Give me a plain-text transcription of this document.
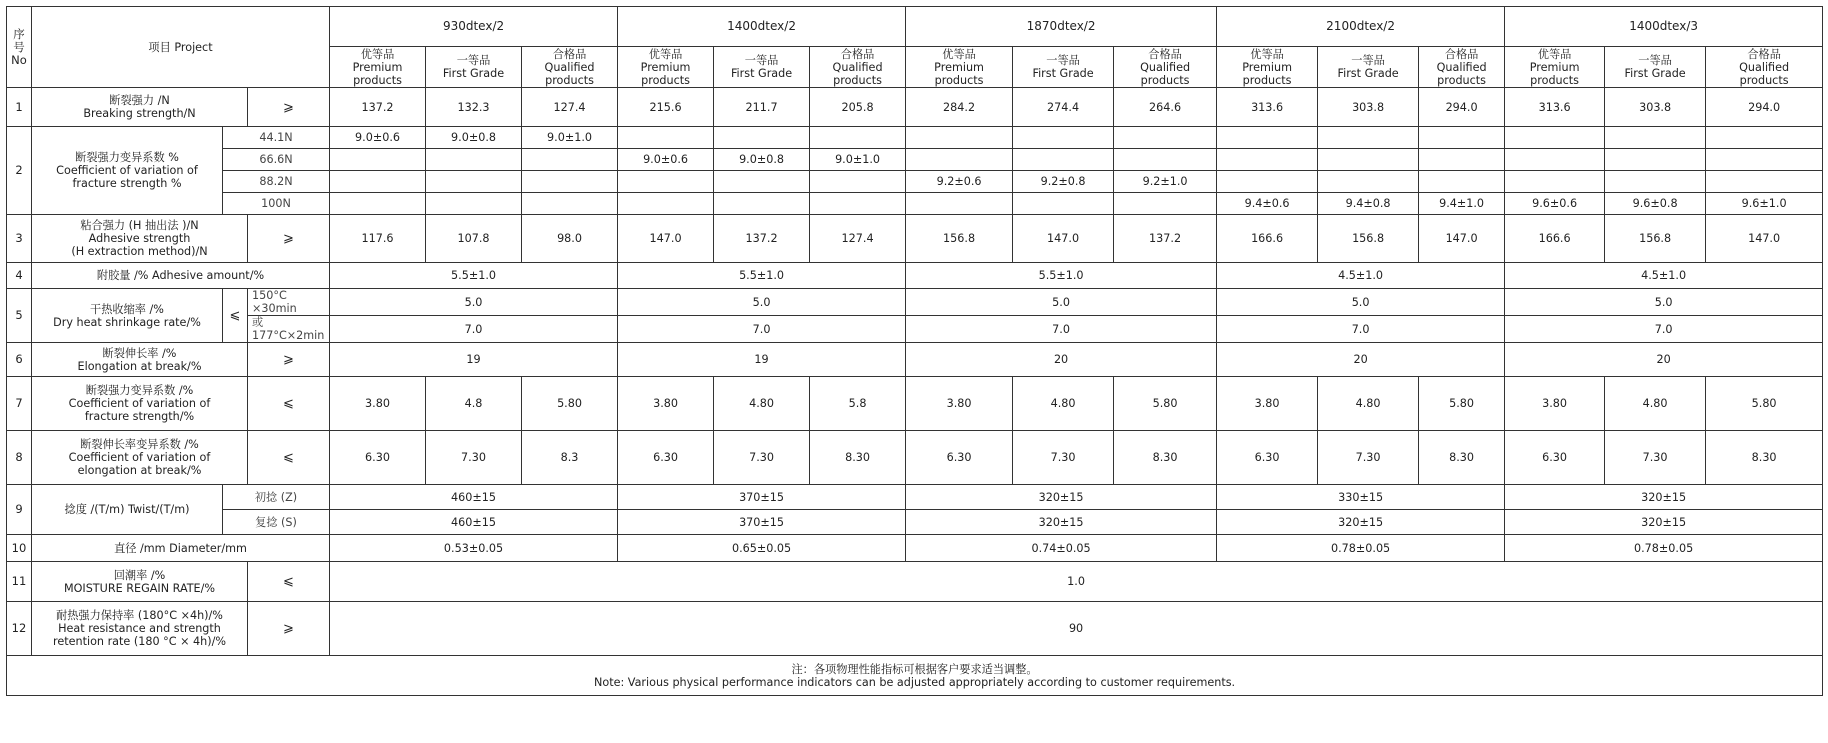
序
号
No	项目 Project			930dtex/2			1400dtex/2			1870dtex/2			2100dtex/2			1400dtex/3		

				优等品
Premium
products	一等品
First Grade	合格品
Qualified
products	优等品
Premium
products	一等品
First Grade	合格品
Qualified
products	优等品
Premium
products	一等品
First Grade	合格品
Qualified
products	优等品
Premium
products	一等品
First Grade	合格品
Qualified
products	优等品
Premium
products	一等品
First Grade	合格品
Qualified
products

1	断裂强力 /N
Breaking strength/N		⩾	137.2	132.3	127.4	215.6	211.7	205.8	284.2	274.4	264.6	313.6	303.8	294.0	313.6	303.8	294.0
2	断裂强力变异系数 %
Coefficient of variation of
fracture strength %	44.1N		9.0±0.6	9.0±0.8	9.0±1.0												
		66.6N					9.0±0.6	9.0±0.8	9.0±1.0									
		88.2N								9.2±0.6	9.2±0.8	9.2±1.0						
		100N											9.4±0.6	9.4±0.8	9.4±1.0	9.6±0.6	9.6±0.8	9.6±1.0
3	粘合强力 (H 抽出法 )/N
Adhesive strength
(H extraction method)/N		⩾	117.6	107.8	98.0	147.0	137.2	127.4	156.8	147.0	137.2	166.6	156.8	147.0	166.6	156.8	147.0
4	附胶量 /% Adhesive amount/%			5.5±1.0			5.5±1.0			5.5±1.0			4.5±1.0			4.5±1.0		
5	干热收缩率 /%
Dry heat shrinkage rate/%	⩽	150°C ×30min	5.0			5.0			5.0			5.0			5.0		
			或177°C×2min	7.0			7.0			7.0			7.0			7.0		
6	断裂伸长率 /%
Elongation at break/%		⩾	19			19			20			20			20		
7	断裂强力变异系数 /%
Coefficient of variation of
fracture strength/%		⩽	3.80	4.8	5.80	3.80	4.80	5.8	3.80	4.80	5.80	3.80	4.80	5.80	3.80	4.80	5.80
8	断裂伸长率变异系数 /%
Coefficient of variation of
elongation at break/%		⩽	6.30	7.30	8.3	6.30	7.30	8.30	6.30	7.30	8.30	6.30	7.30	8.30	6.30	7.30	8.30
9	捻度 /(T/m) Twist/(T/m)	初捻 (Z)		460±15			370±15			320±15			330±15			320±15		
		复捻 (S)		460±15			370±15			320±15			320±15			320±15		
10	直径 /mm Diameter/mm			0.53±0.05			0.65±0.05			0.74±0.05			0.78±0.05			0.78±0.05		
11	回潮率 /%
MOISTURE REGAIN RATE/%		⩽	1.0														
12	耐热强力保持率 (180°C ×4h)/%
Heat resistance and strength
retention rate (180 °C × 4h)/%		⩾	90														

注：各项物理性能指标可根据客户要求适当调整。
Note: Various physical performance indicators can be adjusted appropriately according to customer requirements.																		
